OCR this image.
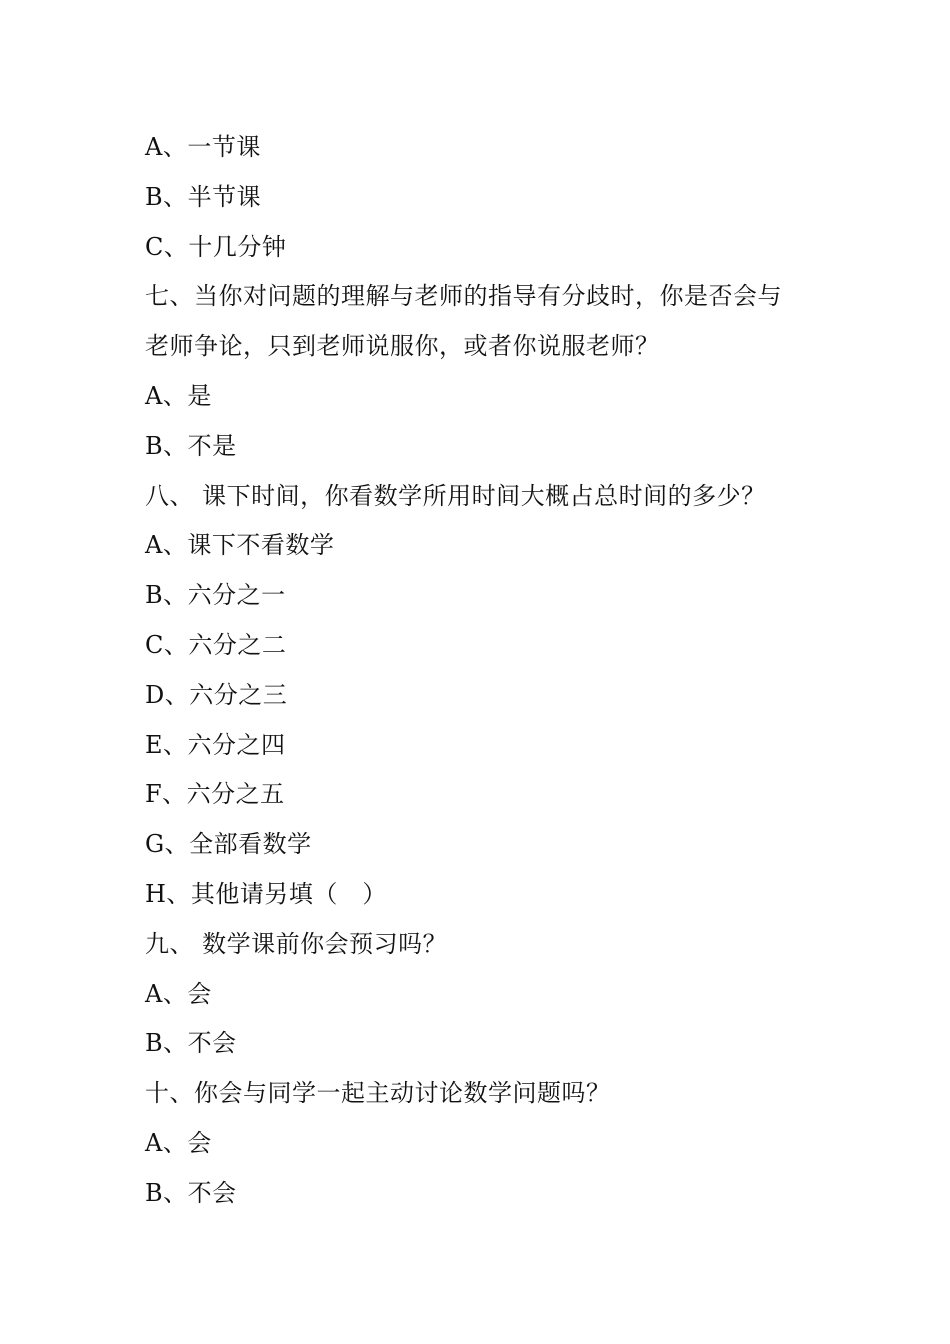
A、一节课
B、半节课
C、十几分钟
七、当你对问题的理解与老师的指导有分歧时，你是否会与
老师争论，只到老师说服你，或者你说服老师？
A、是
B、不是
八、 课下时间，你看数学所用时间大概占总时间的多少？
A、课下不看数学
B、六分之一
C、六分之二
D、六分之三
E、六分之四
F、六分之五
G、全部看数学
H、其他请另填（   ）
九、 数学课前你会预习吗？
A、会
B、不会
十、你会与同学一起主动讨论数学问题吗？
A、会
B、不会
